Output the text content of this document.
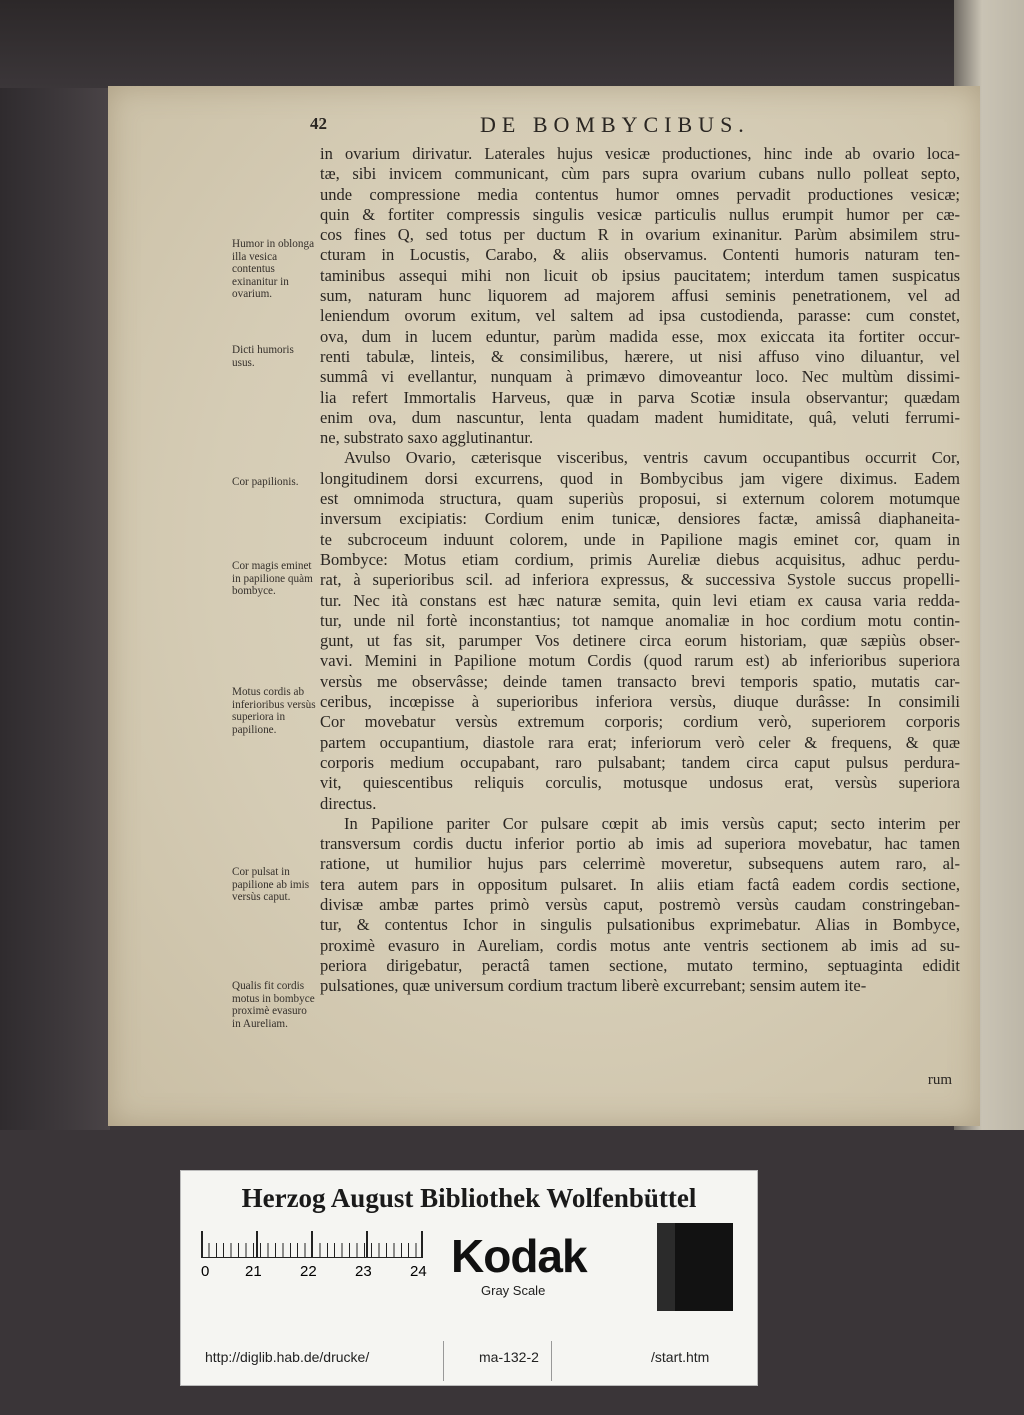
42	DE BOMBYCIBUS.
in ovarium dirivatur. Laterales hujus vesicæ productiones, hinc inde ab ovario loca-
tæ, sibi invicem communicant, cùm pars supra ovarium cubans nullo polleat septo,
unde compressione media contentus humor omnes pervadit productiones vesicæ;
quin & fortiter compressis singulis vesicæ particulis nullus erumpit humor per cæ-
cos fines Q, sed totus per ductum R in ovarium exinanitur. Parùm absimilem stru-
cturam in Locustis, Carabo, & aliis observamus. Contenti humoris naturam ten-
taminibus assequi mihi non licuit ob ipsius paucitatem; interdum tamen suspicatus
sum, naturam hunc liquorem ad majorem affusi seminis penetrationem, vel ad
leniendum ovorum exitum, vel saltem ad ipsa custodienda, parasse: cum constet,
ova, dum in lucem eduntur, parùm madida esse, mox exiccata ita fortiter occur-
renti tabulæ, linteis, & consimilibus, hærere, ut nisi affuso vino diluantur, vel
summâ vi evellantur, nunquam à primævo dimoveantur loco. Nec multùm dissimi-
lia refert Immortalis Harveus, quæ in parva Scotiæ insula observantur; quædam
enim ova, dum nascuntur, lenta quadam madent humiditate, quâ, veluti ferrumi-
ne, substrato saxo agglutinantur.
Avulso Ovario, cæterisque visceribus, ventris cavum occupantibus occurrit Cor,
longitudinem dorsi excurrens, quod in Bombycibus jam vigere diximus. Eadem
est omnimoda structura, quam superiùs proposui, si externum colorem motumque
inversum excipiatis: Cordium enim tunicæ, densiores factæ, amissâ diaphaneita-
te subcroceum induunt colorem, unde in Papilione magis eminet cor, quam in
Bombyce: Motus etiam cordium, primis Aureliæ diebus acquisitus, adhuc perdu-
rat, à superioribus scil. ad inferiora expressus, & successiva Systole succus propelli-
tur. Nec ità constans est hæc naturæ semita, quin levi etiam ex causa varia redda-
tur, unde nil fortè inconstantius; tot namque anomaliæ in hoc cordium motu contin-
gunt, ut fas sit, parumper Vos detinere circa eorum historiam, quæ sæpiùs obser-
vavi. Memini in Papilione motum Cordis (quod rarum est) ab inferioribus superiora
versùs me observâsse; deinde tamen transacto brevi temporis spatio, mutatis car-
ceribus, incœpisse à superioribus inferiora versùs, diuque durâsse: In consimili
Cor movebatur versùs extremum corporis; cordium verò, superiorem corporis
partem occupantium, diastole rara erat; inferiorum verò celer & frequens, & quæ
corporis medium occupabant, raro pulsabant; tandem circa caput pulsus perdura-
vit, quiescentibus reliquis corculis, motusque undosus erat, versùs superiora
directus.
In Papilione pariter Cor pulsare cœpit ab imis versùs caput; secto interim per
transversum cordis ductu inferior portio ab imis ad superiora movebatur, hac tamen
ratione, ut humilior hujus pars celerrimè moveretur, subsequens autem raro, al-
tera autem pars in oppositum pulsaret. In aliis etiam factâ eadem cordis sectione,
divisæ ambæ partes primò versùs caput, postremò versùs caudam constringeban-
tur, & contentus Ichor in singulis pulsationibus exprimebatur. Alias in Bombyce,
proximè evasuro in Aureliam, cordis motus ante ventris sectionem ab imis ad su-
periora dirigebatur, peractâ tamen sectione, mutato termino, septuaginta edidit
pulsationes, quæ universum cordium tractum liberè excurrebant; sensim autem ite-
rum
Humor in oblonga illa vesica contentus exinanitur in ovarium.
Dicti humoris usus.
Cor papilionis.
Cor magis eminet in papilione quàm bombyce.
Motus cordis ab inferioribus versùs superiora in papilione.
Cor pulsat in papilione ab imis versùs caput.
Qualis fit cordis motus in bombyce proximè evasuro in Aureliam.
Herzog August Bibliothek Wolfenbüttel
0 21	22	23	24 Kodak
Gray Scale
http://diglib.hab.de/drucke/	ma-132-2	/start.htm
